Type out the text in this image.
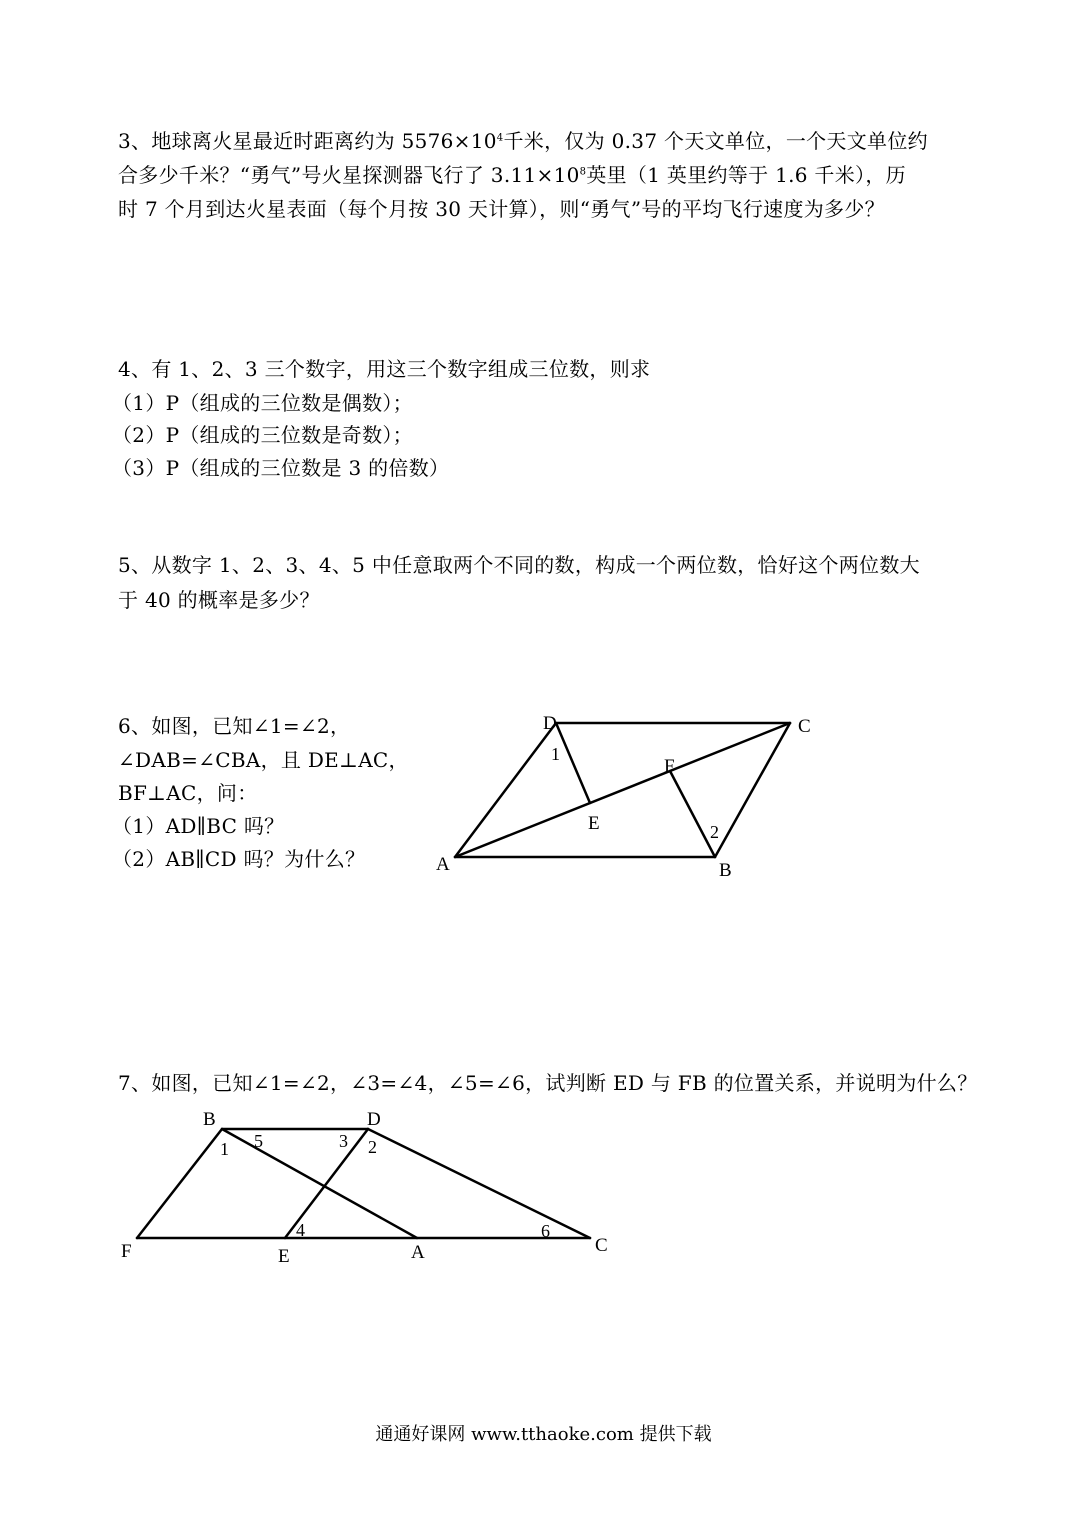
3、地球离火星最近时距离约为 $5576\times 10^4$千米，仅为 0.37 个天文单位，一个天文单位约
合多少千米？“勇气”号火星探测器飞行了 $3.11\times 10^8$英里（1 英里约等于 1.6 千米），历
时 7 个月到达火星表面（每个月按 30 天计算），则“勇气”号的平均飞行速度为多少？
4、有 1、2、3 三个数字，用这三个数字组成三位数，则求
（1）P（组成的三位数是偶数）；
（2）P（组成的三位数是奇数）；
（3）P（组成的三位数是 3 的倍数）
5、从数字 1、2、3、4、5 中任意取两个不同的数，构成一个两位数，恰好这个两位数大
于 40 的概率是多少？
6、如图，已知∠1=∠2，
∠DAB=∠CBA，且 DE⊥AC，
BF⊥AC，问：
（1）AD∥BC 吗？
（2）AB∥CD 吗？为什么？
7、如图，已知∠1=∠2，∠3=∠4，∠5=∠6，试判断 ED 与 FB 的位置关系，并说明为什么？
D	C
1
F
E	2
A	B
B	D
1 5	3 2
4	6
F	E	A	C
通通好课网 www.tthaoke.com 提供下载
